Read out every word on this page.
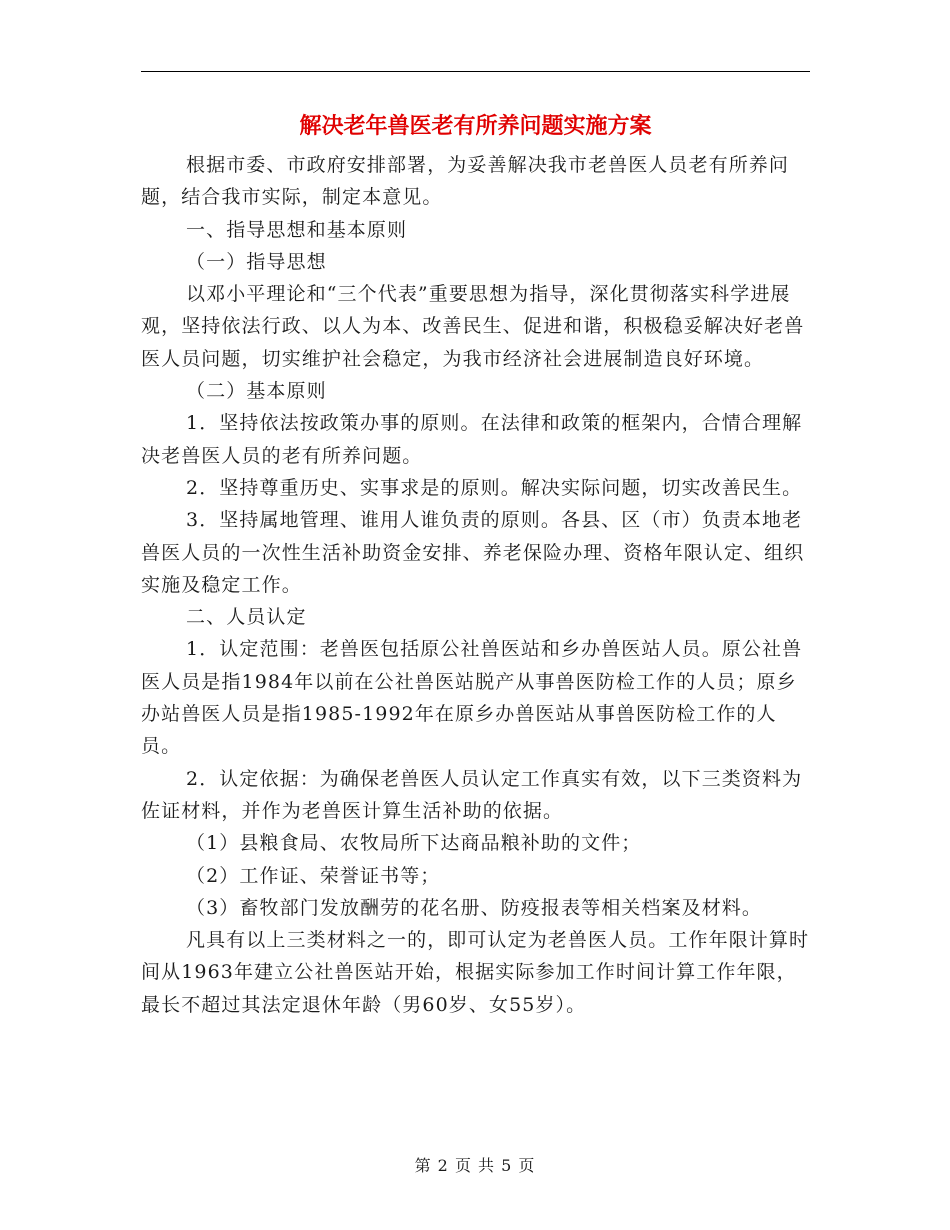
解决老年兽医老有所养问题实施方案

根据市委、市政府安排部署，为妥善解决我市老兽医人员老有所养问题，结合我市实际，制定本意见。

一、指导思想和基本原则

（一）指导思想

以邓小平理论和“三个代表”重要思想为指导，深化贯彻落实科学进展观，坚持依法行政、以人为本、改善民生、促进和谐，积极稳妥解决好老兽医人员问题，切实维护社会稳定，为我市经济社会进展制造良好环境。

（二）基本原则

1．坚持依法按政策办事的原则。在法律和政策的框架内，合情合理解决老兽医人员的老有所养问题。

2．坚持尊重历史、实事求是的原则。解决实际问题，切实改善民生。

3．坚持属地管理、谁用人谁负责的原则。各县、区（市）负责本地老兽医人员的一次性生活补助资金安排、养老保险办理、资格年限认定、组织实施及稳定工作。

二、人员认定

1．认定范围：老兽医包括原公社兽医站和乡办兽医站人员。原公社兽医人员是指1984年以前在公社兽医站脱产从事兽医防检工作的人员；原乡办站兽医人员是指1985-1992年在原乡办兽医站从事兽医防检工作的人员。

2．认定依据：为确保老兽医人员认定工作真实有效，以下三类资料为佐证材料，并作为老兽医计算生活补助的依据。

（1）县粮食局、农牧局所下达商品粮补助的文件；

（2）工作证、荣誉证书等；

（3）畜牧部门发放酬劳的花名册、防疫报表等相关档案及材料。

凡具有以上三类材料之一的，即可认定为老兽医人员。工作年限计算时间从1963年建立公社兽医站开始，根据实际参加工作时间计算工作年限，最长不超过其法定退休年龄（男60岁、女55岁）。

第 2 页 共 5 页
